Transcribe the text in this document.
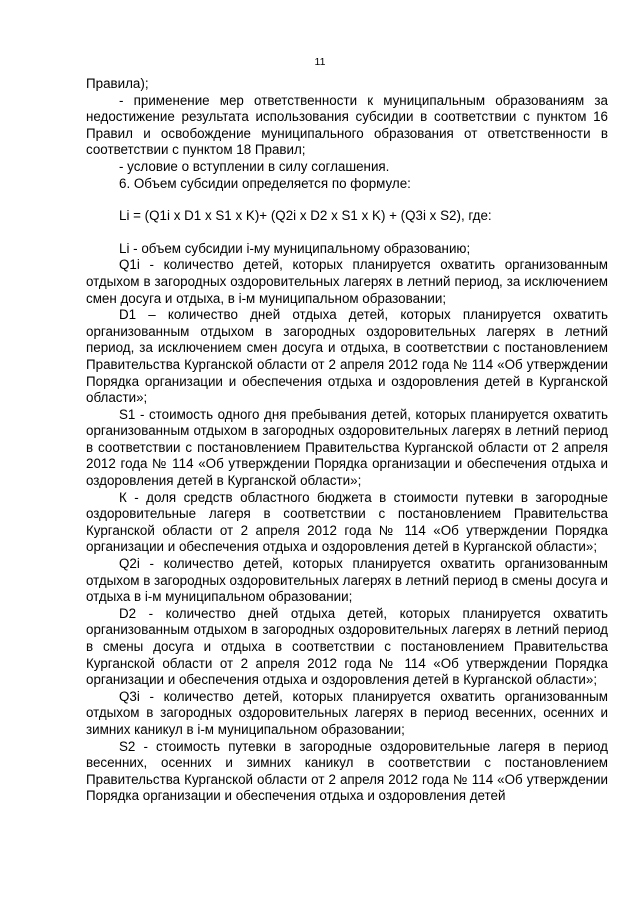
11

Правила);

- применение мер ответственности к муниципальным образованиям за недостижение результата использования субсидии в соответствии с пунктом 16 Правил и освобождение муниципального образования от ответственности в соответствии с пунктом 18 Правил;

- условие о вступлении в силу соглашения.

6. Объем субсидии определяется по формуле:

Li = (Q1i x D1 x S1 x K)+ (Q2i x D2 x S1 x K) + (Q3i x S2), где:

Li - объем субсидии i-му муниципальному образованию;

Q1i - количество детей, которых планируется охватить организованным отдыхом в загородных оздоровительных лагерях в летний период, за исключением смен досуга и отдыха, в i-м муниципальном образовании;

D1 – количество дней отдыха детей, которых планируется охватить организованным отдыхом в загородных оздоровительных лагерях в летний период, за исключением смен досуга и отдыха, в соответствии с постановлением Правительства Курганской области от 2 апреля 2012 года № 114 «Об утверждении Порядка организации и обеспечения отдыха и оздоровления детей в Курганской области»;

S1 - стоимость одного дня пребывания детей, которых планируется охватить организованным отдыхом в загородных оздоровительных лагерях в летний период в соответствии с постановлением Правительства Курганской области от 2 апреля 2012 года № 114 «Об утверждении Порядка организации и обеспечения отдыха и оздоровления детей в Курганской области»;

К - доля средств областного бюджета в стоимости путевки в загородные оздоровительные лагеря в соответствии с постановлением Правительства Курганской области от 2 апреля 2012 года № 114 «Об утверждении Порядка организации и обеспечения отдыха и оздоровления детей в Курганской области»;

Q2i - количество детей, которых планируется охватить организованным отдыхом в загородных оздоровительных лагерях в летний период в смены досуга и отдыха в i-м муниципальном образовании;

D2 - количество дней отдыха детей, которых планируется охватить организованным отдыхом в загородных оздоровительных лагерях в летний период в смены досуга и отдыха в соответствии с постановлением Правительства Курганской области от 2 апреля 2012 года № 114 «Об утверждении Порядка организации и обеспечения отдыха и оздоровления детей в Курганской области»;

Q3i - количество детей, которых планируется охватить организованным отдыхом в загородных оздоровительных лагерях в период весенних, осенних и зимних каникул в i-м муниципальном образовании;

S2 - стоимость путевки в загородные оздоровительные лагеря в период весенних, осенних и зимних каникул в соответствии с постановлением Правительства Курганской области от 2 апреля 2012 года № 114 «Об утверждении Порядка организации и обеспечения отдыха и оздоровления детей
